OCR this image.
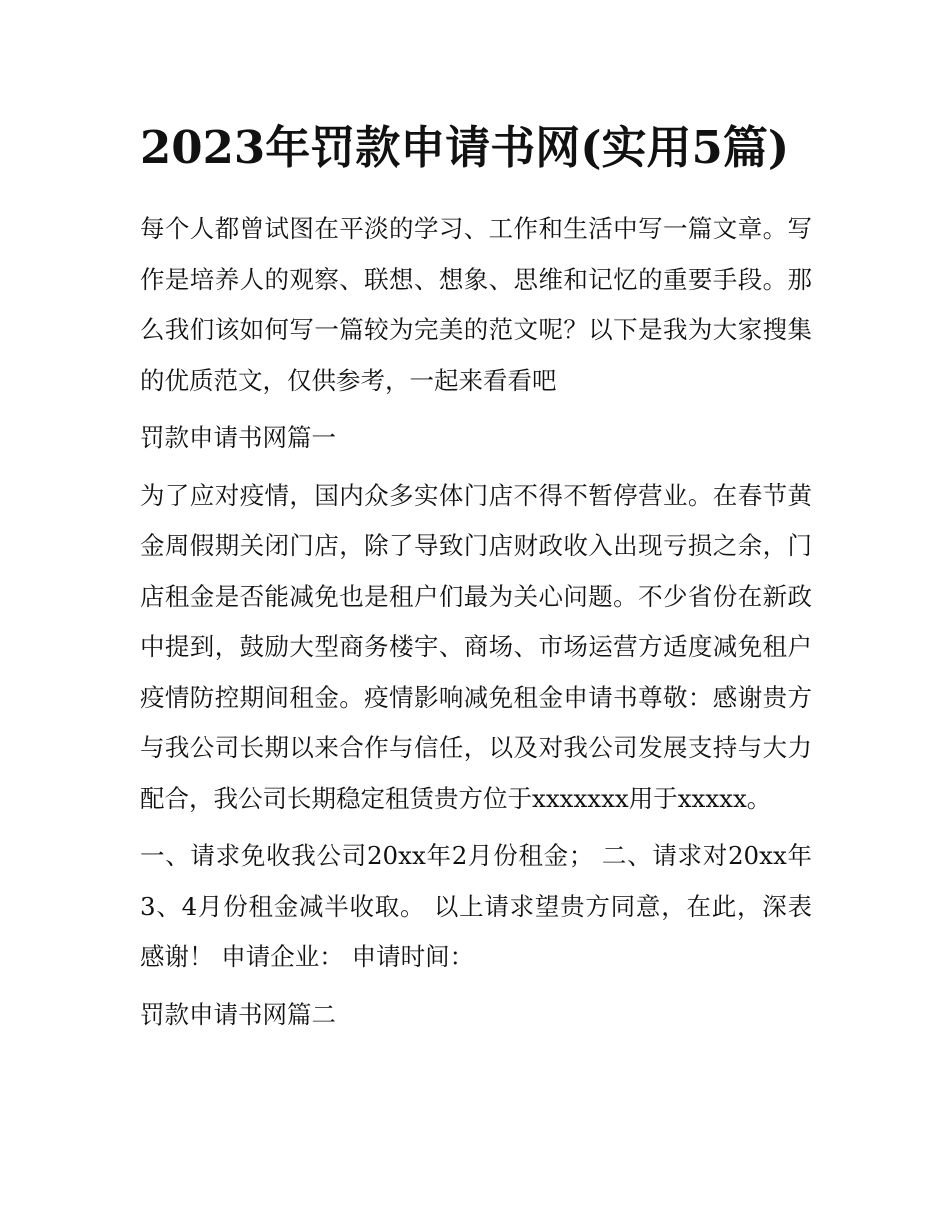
2023年罚款申请书网(实用5篇)

每个人都曾试图在平淡的学习、工作和生活中写一篇文章。写作是培养人的观察、联想、想象、思维和记忆的重要手段。那么我们该如何写一篇较为完美的范文呢？以下是我为大家搜集的优质范文，仅供参考，一起来看看吧

罚款申请书网篇一

为了应对疫情，国内众多实体门店不得不暂停营业。在春节黄金周假期关闭门店，除了导致门店财政收入出现亏损之余，门店租金是否能减免也是租户们最为关心问题。不少省份在新政中提到，鼓励大型商务楼宇、商场、市场运营方适度减免租户疫情防控期间租金。疫情影响减免租金申请书尊敬：感谢贵方与我公司长期以来合作与信任，以及对我公司发展支持与大力配合，我公司长期稳定租赁贵方位于xxxxxxx用于xxxxx。

一、请求免收我公司20xx年2月份租金； 二、请求对20xx年3、4月份租金减半收取。 以上请求望贵方同意，在此，深表感谢！ 申请企业： 申请时间：

罚款申请书网篇二
